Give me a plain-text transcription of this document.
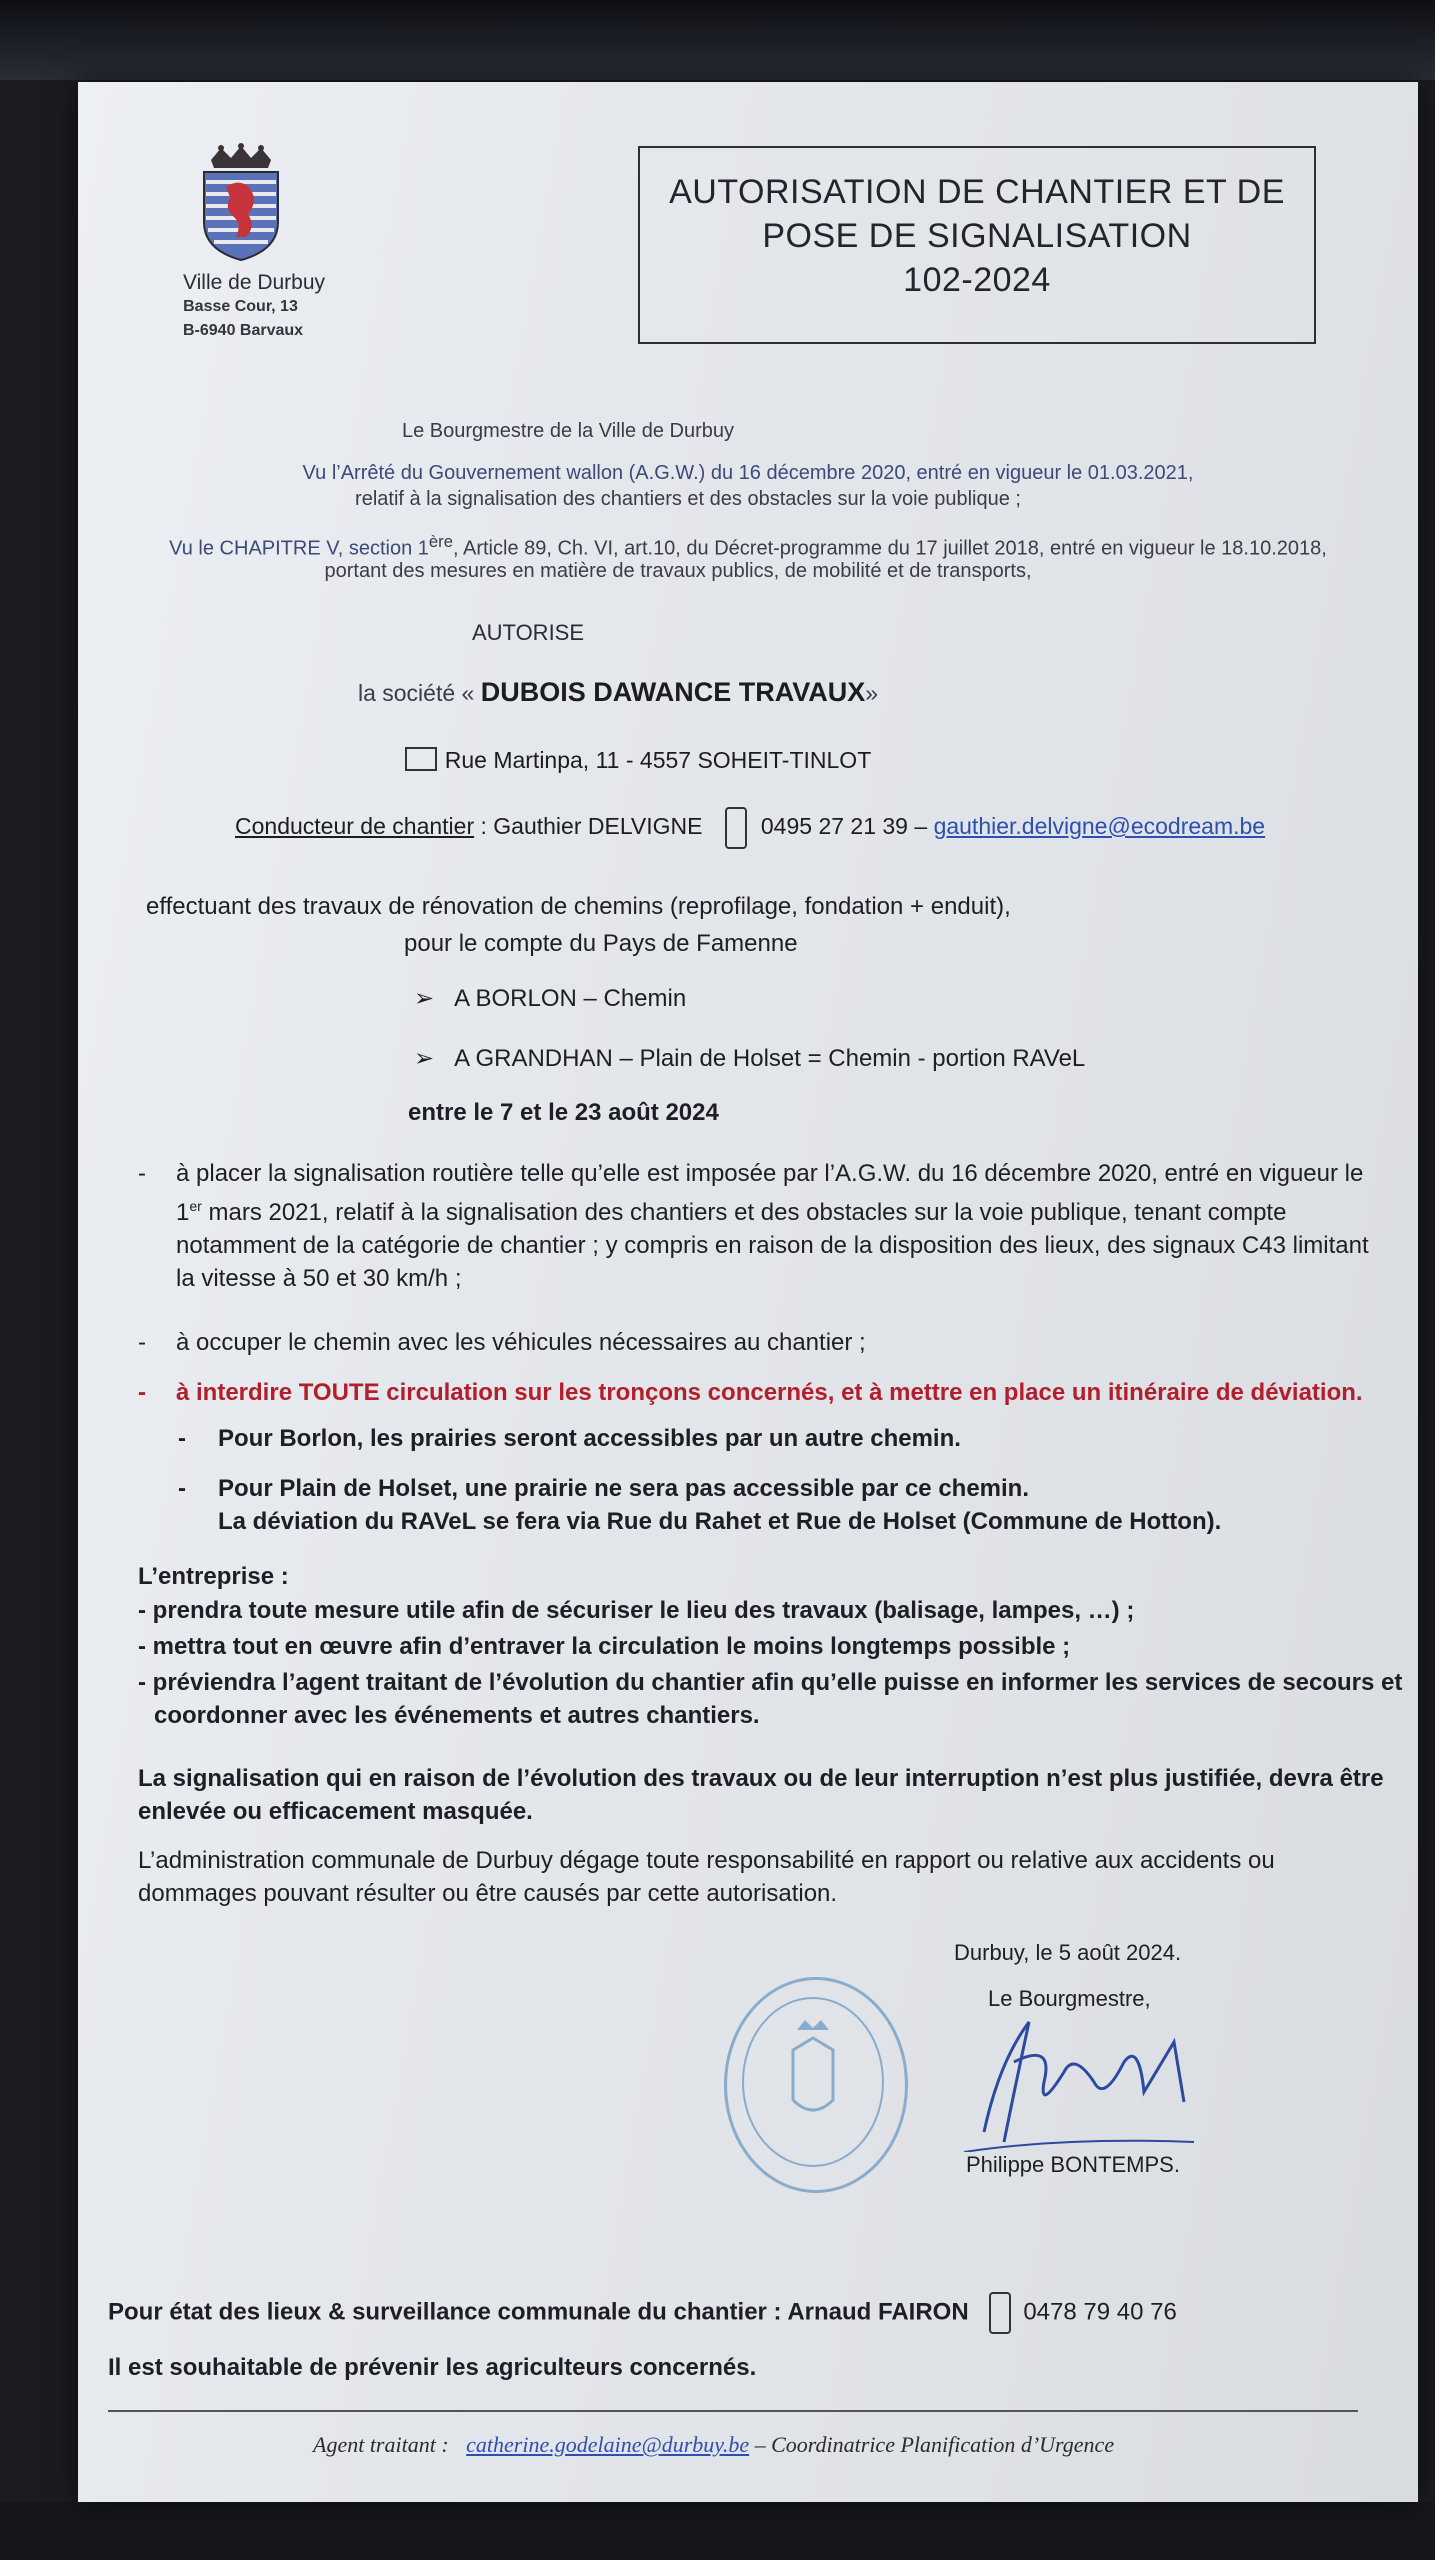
Ville de Durbuy
Basse Cour, 13
B-6940 Barvaux
AUTORISATION DE CHANTIER ET DE
POSE DE SIGNALISATION
102-2024
Le Bourgmestre de la Ville de Durbuy
Vu l’Arrêté du Gouvernement wallon (A.G.W.) du 16 décembre 2020, entré en vigueur le 01.03.2021,
relatif à la signalisation des chantiers et des obstacles sur la voie publique ;
Vu le CHAPITRE V, section 1ère, Article 89, Ch. VI, art.10, du Décret-programme du 17 juillet 2018, entré en vigueur le 18.10.2018,
portant des mesures en matière de travaux publics, de mobilité et de transports,
AUTORISE
la société « DUBOIS DAWANCE TRAVAUX»
Rue Martinpa, 11 - 4557 SOHEIT-TINLOT
Conducteur de chantier : Gauthier DELVIGNE	0495 27 21 39 – gauthier.delvigne@ecodream.be
effectuant des travaux de rénovation de chemins (reprofilage, fondation + enduit),
pour le compte du Pays de Famenne
➢ A BORLON – Chemin
➢ A GRANDHAN – Plain de Holset = Chemin - portion RAVeL
entre le 7 et le 23 août 2024
- à placer la signalisation routière telle qu’elle est imposée par l’A.G.W. du 16 décembre 2020, entré en vigueur le
1er mars 2021, relatif à la signalisation des chantiers et des obstacles sur la voie publique, tenant compte
notamment de la catégorie de chantier ; y compris en raison de la disposition des lieux, des signaux C43 limitant
la vitesse à 50 et 30 km/h ;
- à occuper le chemin avec les véhicules nécessaires au chantier ;
- à interdire TOUTE circulation sur les tronçons concernés, et à mettre en place un itinéraire de déviation.
- Pour Borlon, les prairies seront accessibles par un autre chemin.
- Pour Plain de Holset, une prairie ne sera pas accessible par ce chemin.
La déviation du RAVeL se fera via Rue du Rahet et Rue de Holset (Commune de Hotton).
L’entreprise :
- prendra toute mesure utile afin de sécuriser le lieu des travaux (balisage, lampes, …) ;
- mettra tout en œuvre afin d’entraver la circulation le moins longtemps possible ;
- préviendra l’agent traitant de l’évolution du chantier afin qu’elle puisse en informer les services de secours et
coordonner avec les événements et autres chantiers.
La signalisation qui en raison de l’évolution des travaux ou de leur interruption n’est plus justifiée, devra être
enlevée ou efficacement masquée.
L’administration communale de Durbuy dégage toute responsabilité en rapport ou relative aux accidents ou
dommages pouvant résulter ou être causés par cette autorisation.
Durbuy, le 5 août 2024.
Le Bourgmestre,
Philippe BONTEMPS.
Pour état des lieux & surveillance communale du chantier : Arnaud FAIRON 0478 79 40 76
Il est souhaitable de prévenir les agriculteurs concernés.
Agent traitant : catherine.godelaine@durbuy.be – Coordinatrice Planification d’Urgence
